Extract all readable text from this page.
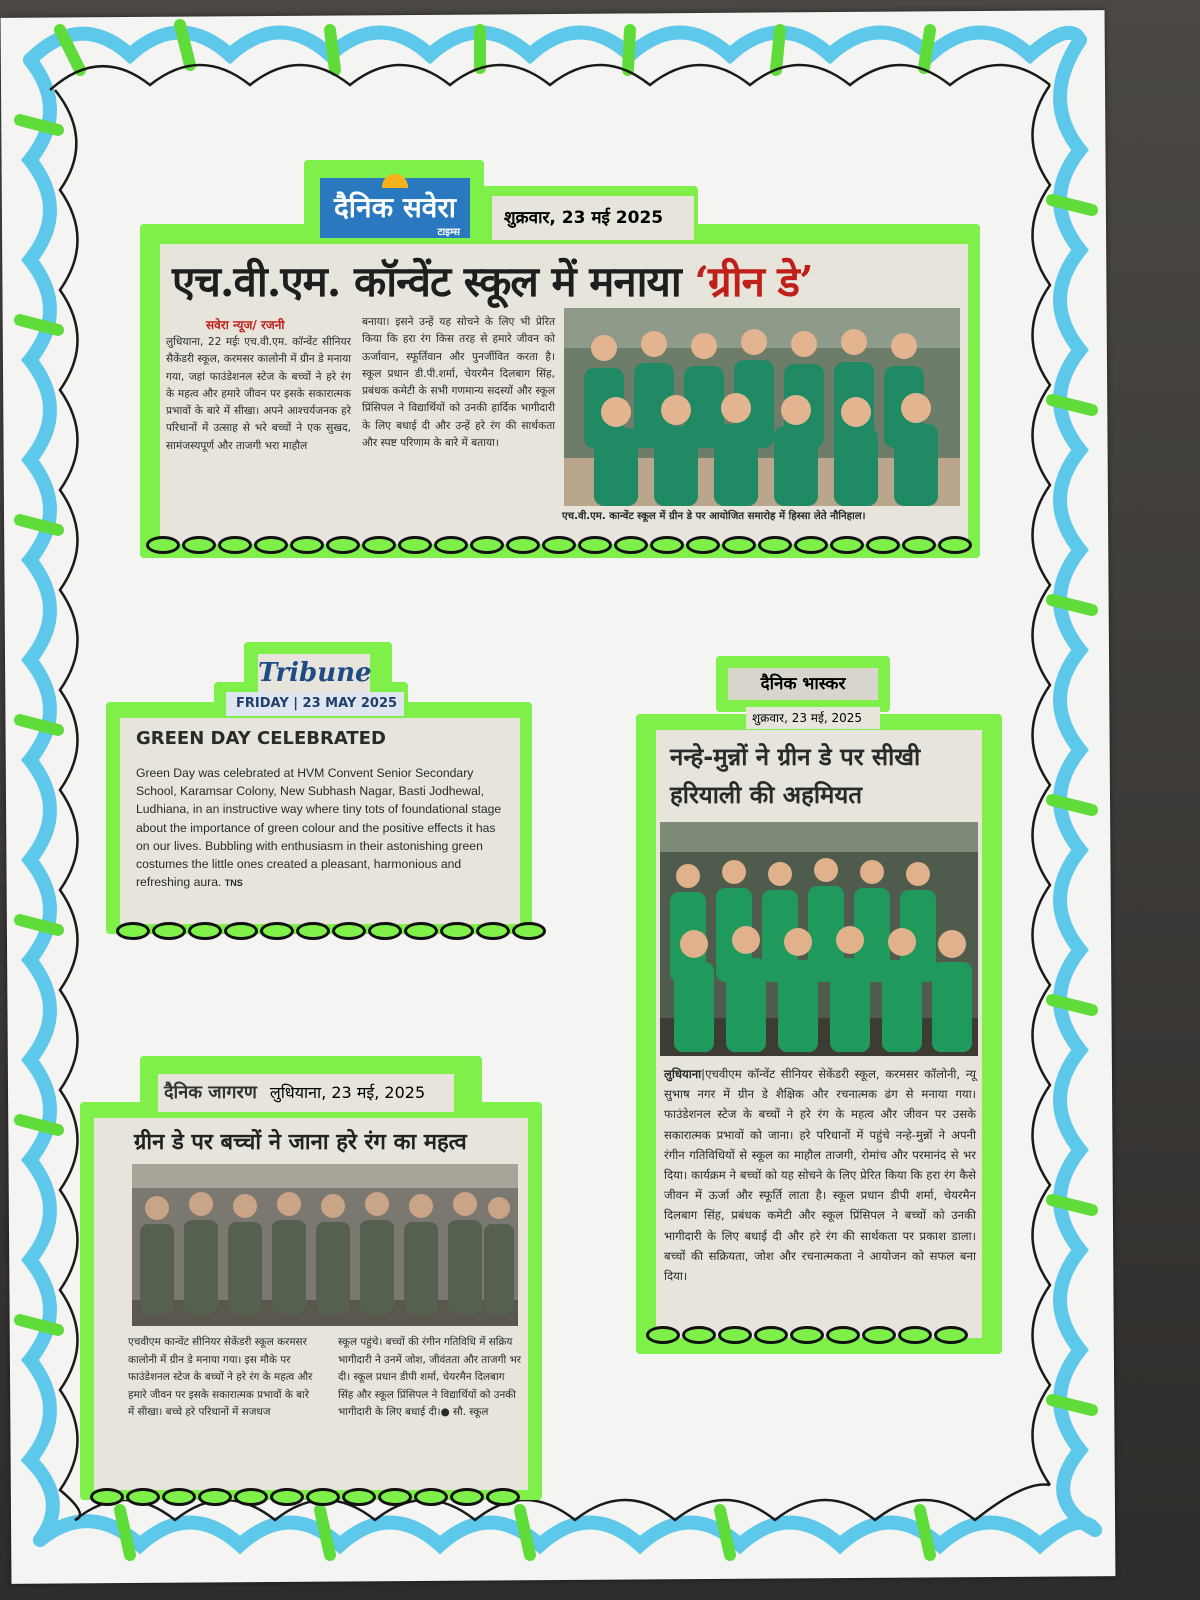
दैनिक सवेरा
टाइम्स
शुक्रवार, 23 मई 2025
एच.वी.एम. कॉन्वेंट स्कूल में मनाया ‘ग्रीन डे’
सवेरा न्यूज/ रजनी
लुधियाना, 22 मईः एच.वी.एम. कॉन्वेंट सीनियर सैकेंडरी स्कूल, करमसर कालोनी में ग्रीन डे मनाया गया, जहां फाउंडेशनल स्टेज के बच्चों ने हरे रंग के महत्व और हमारे जीवन पर इसके सकारात्मक प्रभावों के बारे में सीखा। अपने आश्चर्यजनक हरे परिधानों में उत्साह से भरे बच्चों ने एक सुखद, सामंजस्यपूर्ण और ताजगी भरा माहौल
बनाया। इसने उन्हें यह सोचने के लिए भी प्रेरित किया कि हरा रंग किस तरह से हमारे जीवन को ऊर्जावान, स्फूर्तिवान और पुनर्जीवित करता है। स्कूल प्रधान डी.पी.शर्मा, चेयरमैन दिलबाग सिंह, प्रबंधक कमेटी के सभी गणमान्य सदस्यों और स्कूल प्रिंसिपल ने विद्यार्थियों को उनकी हार्दिक भागीदारी के लिए बधाई दी और उन्हें हरे रंग की सार्थकता और स्पष्ट परिणाम के बारे में बताया।
एच.वी.एम. कान्वेंट स्कूल में ग्रीन डे पर आयोजित समारोह में हिस्सा लेते नौनिहाल।
Tribune
FRIDAY | 23 MAY 2025
GREEN DAY CELEBRATED
Green Day was celebrated at HVM Convent Senior Secondary School, Karamsar Colony, New Subhash Nagar, Basti Jodhewal, Ludhiana, in an instructive way where tiny tots of foundational stage about the importance of green colour and the positive effects it has on our lives. Bubbling with enthusiasm in their astonishing green costumes the little ones created a pleasant, harmonious and refreshing aura. TNS
दैनिक भास्कर
शुक्रवार, 23 मई, 2025
नन्हे-मुन्नों ने ग्रीन डे पर सीखी हरियाली की अहमियत
लुधियाना|एचवीएम कॉन्वेंट सीनियर सेकेंडरी स्कूल, करमसर कॉलोनी, न्यू सुभाष नगर में ग्रीन डे शैक्षिक और रचनात्मक ढंग से मनाया गया। फाउंडेशनल स्टेज के बच्चों ने हरे रंग के महत्व और जीवन पर उसके सकारात्मक प्रभावों को जाना। हरे परिधानों में पहुंचे नन्हे-मुन्नों ने अपनी रंगीन गतिविधियों से स्कूल का माहौल ताजगी, रोमांच और परमानंद से भर दिया। कार्यक्रम ने बच्चों को यह सोचने के लिए प्रेरित किया कि हरा रंग कैसे जीवन में ऊर्जा और स्फूर्ति लाता है। स्कूल प्रधान डीपी शर्मा, चेयरमैन दिलबाग सिंह, प्रबंधक कमेटी और स्कूल प्रिंसिपल ने बच्चों को उनकी भागीदारी के लिए बधाई दी और हरे रंग की सार्थकता पर प्रकाश डाला। बच्चों की सक्रियता, जोश और रचनात्मकता ने आयोजन को सफल बना दिया।
दैनिक जागरण लुधियाना, 23 मई, 2025
ग्रीन डे पर बच्चों ने जाना हरे रंग का महत्व
एचवीएम कान्वेंट सीनियर सेकेंडरी स्कूल करमसर कालोनी में ग्रीन डे मनाया गया। इस मौके पर फाउंडेशनल स्टेज के बच्चों ने हरे रंग के महत्व और हमारे जीवन पर इसके सकारात्मक प्रभावों के बारे में सीखा। बच्चे हरे परिधानों में सजधज
स्कूल पहुंचे। बच्चों की रंगीन गतिविधि में सक्रिय भागीदारी ने उनमें जोश, जीवंतता और ताजगी भर दी। स्कूल प्रधान डीपी शर्मा, चेयरमैन दिलबाग सिंह और स्कूल प्रिंसिपल ने विद्यार्थियों को उनकी भागीदारी के लिए बधाई दी।● सौ. स्कूल
